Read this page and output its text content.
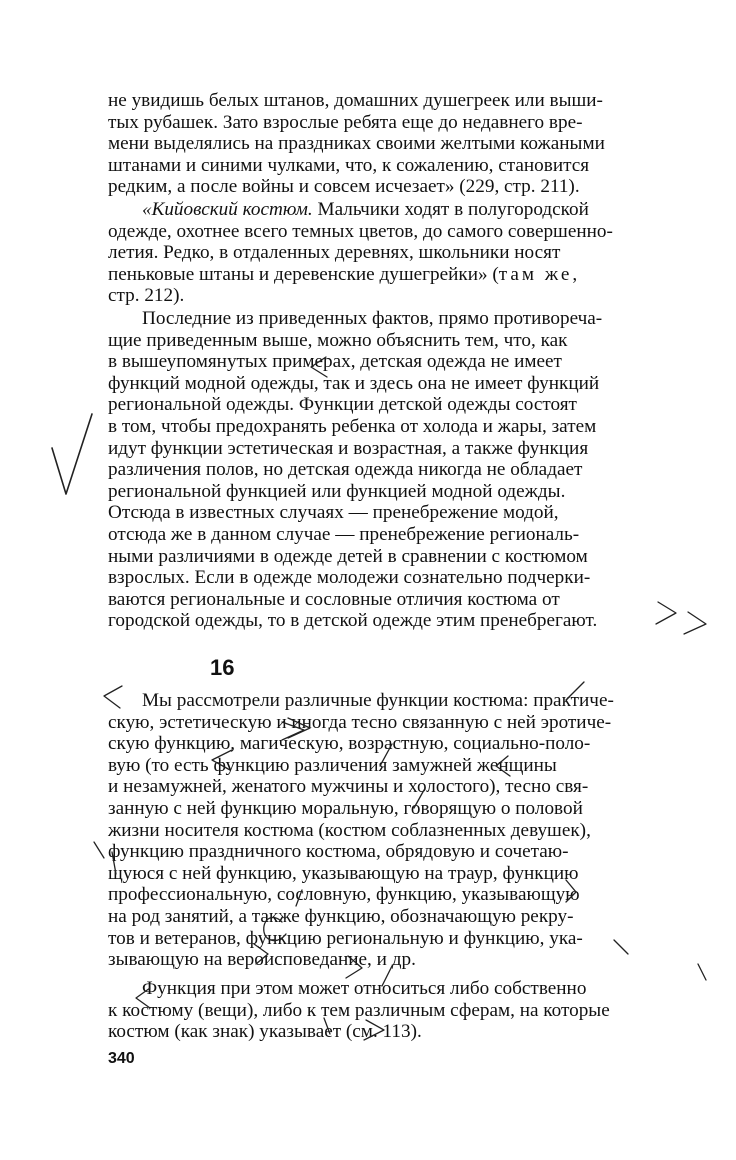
не увидишь белых штанов, домашних душегреек или выши-

тых рубашек. Зато взрослые ребята еще до недавнего вре-

мени выделялись на праздниках своими желтыми кожаными

штанами и синими чулками, что, к сожалению, становится

редким, а после войны и совсем исчезает» (229, стр. 211).

«Кийовский костюм. Мальчики ходят в полугородской

одежде, охотнее всего темных цветов, до самого совершенно-

летия. Редко, в отдаленных деревнях, школьники носят

пеньковые штаны и деревенские душегрейки» (там же,

стр. 212).

Последние из приведенных фактов, прямо противореча-

щие приведенным выше, можно объяснить тем, что, как

в вышеупомянутых примерах, детская одежда не имеет

функций модной одежды, так и здесь она не имеет функций

региональной одежды. Функции детской одежды состоят

в том, чтобы предохранять ребенка от холода и жары, затем

идут функции эстетическая и возрастная, а также функция

различения полов, но детская одежда никогда не обладает

региональной функцией или функцией модной одежды.

Отсюда в известных случаях — пренебрежение модой,

отсюда же в данном случае — пренебрежение региональ-

ными различиями в одежде детей в сравнении с костюмом

взрослых. Если в одежде молодежи сознательно подчерки-

ваются региональные и сословные отличия костюма от

городской одежды, то в детской одежде этим пренебрегают.

16

Мы рассмотрели различные функции костюма: практиче-

скую, эстетическую и иногда тесно связанную с ней эротиче-

скую функцию, магическую, возрастную, социально-поло-

вую (то есть функцию различения замужней женщины

и незамужней, женатого мужчины и холостого), тесно свя-

занную с ней функцию моральную, говорящую о половой

жизни носителя костюма (костюм соблазненных девушек),

функцию праздничного костюма, обрядовую и сочетаю-

щуюся с ней функцию, указывающую на траур, функцию

профессиональную, сословную, функцию, указывающую

на род занятий, а также функцию, обозначающую рекру-

тов и ветеранов, функцию региональную и функцию, ука-

зывающую на вероисповедание, и др.

Функция при этом может относиться либо собственно

к костюму (вещи), либо к тем различным сферам, на которые

костюм (как знак) указывает (см. 113).

340
